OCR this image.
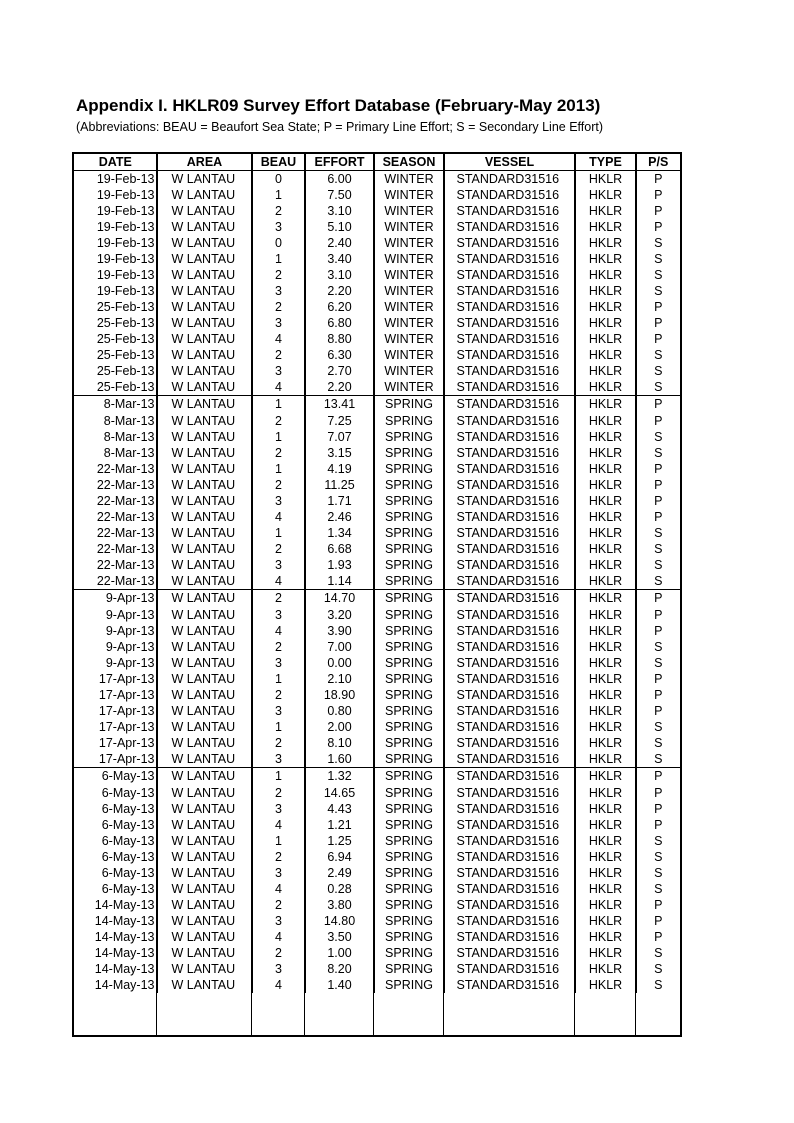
Appendix I. HKLR09 Survey Effort Database (February-May 2013)
(Abbreviations: BEAU = Beaufort Sea State; P = Primary Line Effort; S = Secondary Line Effort)
DATE	AREA	BEAU	EFFORT	SEASON	VESSEL	TYPE	P/S
19-Feb-13	W LANTAU	0	6.00	WINTER	STANDARD31516	HKLR	P
19-Feb-13	W LANTAU	1	7.50	WINTER	STANDARD31516	HKLR	P
19-Feb-13	W LANTAU	2	3.10	WINTER	STANDARD31516	HKLR	P
19-Feb-13	W LANTAU	3	5.10	WINTER	STANDARD31516	HKLR	P
19-Feb-13	W LANTAU	0	2.40	WINTER	STANDARD31516	HKLR	S
19-Feb-13	W LANTAU	1	3.40	WINTER	STANDARD31516	HKLR	S
19-Feb-13	W LANTAU	2	3.10	WINTER	STANDARD31516	HKLR	S
19-Feb-13	W LANTAU	3	2.20	WINTER	STANDARD31516	HKLR	S
25-Feb-13	W LANTAU	2	6.20	WINTER	STANDARD31516	HKLR	P
25-Feb-13	W LANTAU	3	6.80	WINTER	STANDARD31516	HKLR	P
25-Feb-13	W LANTAU	4	8.80	WINTER	STANDARD31516	HKLR	P
25-Feb-13	W LANTAU	2	6.30	WINTER	STANDARD31516	HKLR	S
25-Feb-13	W LANTAU	3	2.70	WINTER	STANDARD31516	HKLR	S
25-Feb-13	W LANTAU	4	2.20	WINTER	STANDARD31516	HKLR	S
8-Mar-13	W LANTAU	1	13.41	SPRING	STANDARD31516	HKLR	P
8-Mar-13	W LANTAU	2	7.25	SPRING	STANDARD31516	HKLR	P
8-Mar-13	W LANTAU	1	7.07	SPRING	STANDARD31516	HKLR	S
8-Mar-13	W LANTAU	2	3.15	SPRING	STANDARD31516	HKLR	S
22-Mar-13	W LANTAU	1	4.19	SPRING	STANDARD31516	HKLR	P
22-Mar-13	W LANTAU	2	11.25	SPRING	STANDARD31516	HKLR	P
22-Mar-13	W LANTAU	3	1.71	SPRING	STANDARD31516	HKLR	P
22-Mar-13	W LANTAU	4	2.46	SPRING	STANDARD31516	HKLR	P
22-Mar-13	W LANTAU	1	1.34	SPRING	STANDARD31516	HKLR	S
22-Mar-13	W LANTAU	2	6.68	SPRING	STANDARD31516	HKLR	S
22-Mar-13	W LANTAU	3	1.93	SPRING	STANDARD31516	HKLR	S
22-Mar-13	W LANTAU	4	1.14	SPRING	STANDARD31516	HKLR	S
9-Apr-13	W LANTAU	2	14.70	SPRING	STANDARD31516	HKLR	P
9-Apr-13	W LANTAU	3	3.20	SPRING	STANDARD31516	HKLR	P
9-Apr-13	W LANTAU	4	3.90	SPRING	STANDARD31516	HKLR	P
9-Apr-13	W LANTAU	2	7.00	SPRING	STANDARD31516	HKLR	S
9-Apr-13	W LANTAU	3	0.00	SPRING	STANDARD31516	HKLR	S
17-Apr-13	W LANTAU	1	2.10	SPRING	STANDARD31516	HKLR	P
17-Apr-13	W LANTAU	2	18.90	SPRING	STANDARD31516	HKLR	P
17-Apr-13	W LANTAU	3	0.80	SPRING	STANDARD31516	HKLR	P
17-Apr-13	W LANTAU	1	2.00	SPRING	STANDARD31516	HKLR	S
17-Apr-13	W LANTAU	2	8.10	SPRING	STANDARD31516	HKLR	S
17-Apr-13	W LANTAU	3	1.60	SPRING	STANDARD31516	HKLR	S
6-May-13	W LANTAU	1	1.32	SPRING	STANDARD31516	HKLR	P
6-May-13	W LANTAU	2	14.65	SPRING	STANDARD31516	HKLR	P
6-May-13	W LANTAU	3	4.43	SPRING	STANDARD31516	HKLR	P
6-May-13	W LANTAU	4	1.21	SPRING	STANDARD31516	HKLR	P
6-May-13	W LANTAU	1	1.25	SPRING	STANDARD31516	HKLR	S
6-May-13	W LANTAU	2	6.94	SPRING	STANDARD31516	HKLR	S
6-May-13	W LANTAU	3	2.49	SPRING	STANDARD31516	HKLR	S
6-May-13	W LANTAU	4	0.28	SPRING	STANDARD31516	HKLR	S
14-May-13	W LANTAU	2	3.80	SPRING	STANDARD31516	HKLR	P
14-May-13	W LANTAU	3	14.80	SPRING	STANDARD31516	HKLR	P
14-May-13	W LANTAU	4	3.50	SPRING	STANDARD31516	HKLR	P
14-May-13	W LANTAU	2	1.00	SPRING	STANDARD31516	HKLR	S
14-May-13	W LANTAU	3	8.20	SPRING	STANDARD31516	HKLR	S
14-May-13	W LANTAU	4	1.40	SPRING	STANDARD31516	HKLR	S
